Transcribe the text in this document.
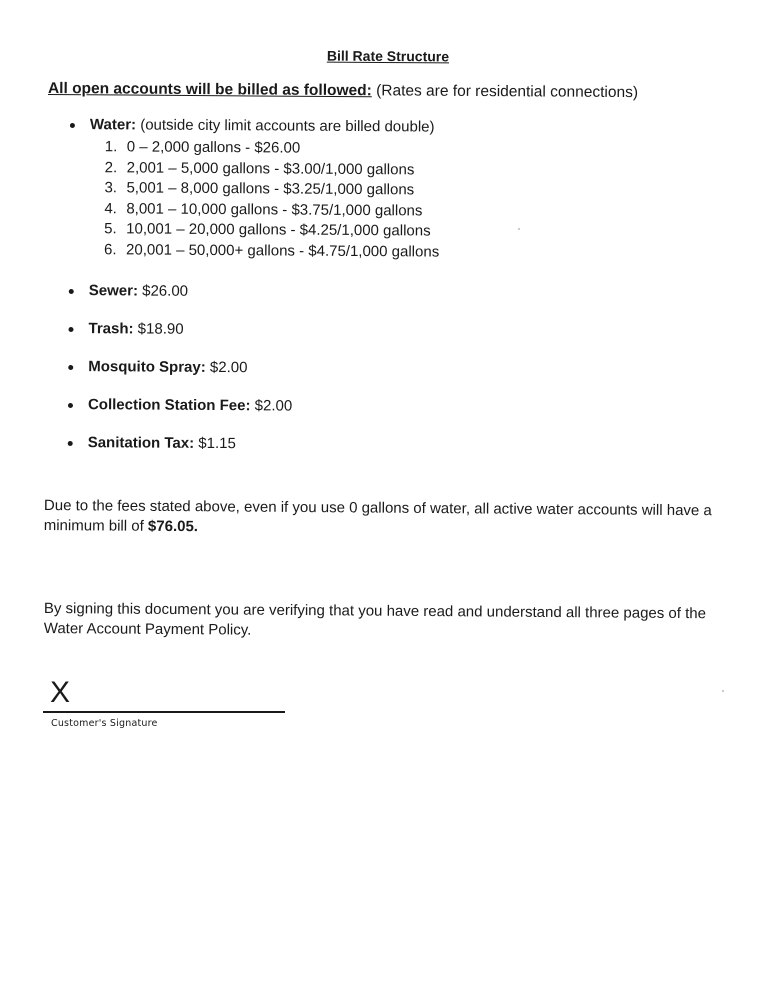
Bill Rate Structure
All open accounts will be billed as followed: (Rates are for residential connections)
Water: (outside city limit accounts are billed double)
1. 0 – 2,000 gallons - $26.00
2. 2,001 – 5,000 gallons - $3.00/1,000 gallons
3. 5,001 – 8,000 gallons - $3.25/1,000 gallons
4. 8,001 – 10,000 gallons - $3.75/1,000 gallons
5. 10,001 – 20,000 gallons - $4.25/1,000 gallons
6. 20,001 – 50,000+ gallons - $4.75/1,000 gallons
Sewer: $26.00
Trash: $18.90
Mosquito Spray: $2.00
Collection Station Fee: $2.00
Sanitation Tax: $1.15
Due to the fees stated above, even if you use 0 gallons of water, all active water accounts will have a minimum bill of $76.05.
By signing this document you are verifying that you have read and understand all three pages of the Water Account Payment Policy.
X
Customer's Signature
